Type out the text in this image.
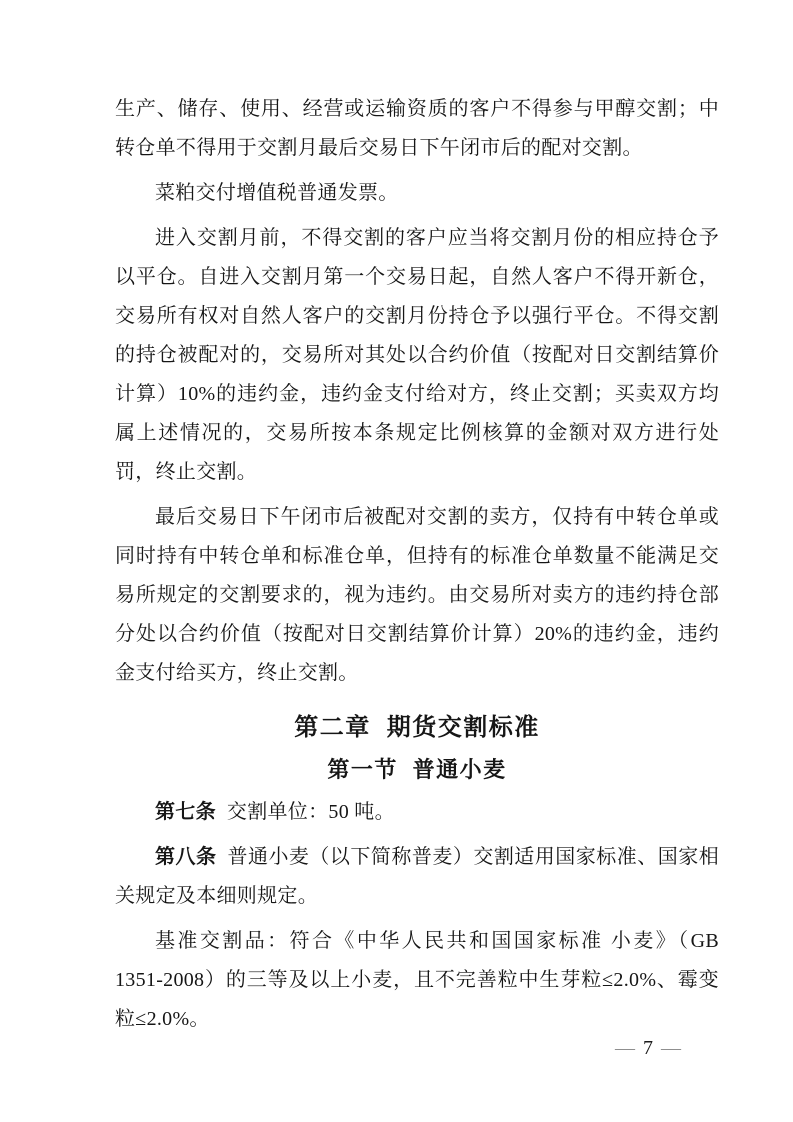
生产、储存、使用、经营或运输资质的客户不得参与甲醇交割；中转仓单不得用于交割月最后交易日下午闭市后的配对交割。

菜粕交付增值税普通发票。

进入交割月前，不得交割的客户应当将交割月份的相应持仓予以平仓。自进入交割月第一个交易日起，自然人客户不得开新仓，交易所有权对自然人客户的交割月份持仓予以强行平仓。不得交割的持仓被配对的，交易所对其处以合约价值（按配对日交割结算价计算）10%的违约金，违约金支付给对方，终止交割；买卖双方均属上述情况的，交易所按本条规定比例核算的金额对双方进行处罚，终止交割。

最后交易日下午闭市后被配对交割的卖方，仅持有中转仓单或同时持有中转仓单和标准仓单，但持有的标准仓单数量不能满足交易所规定的交割要求的，视为违约。由交易所对卖方的违约持仓部分处以合约价值（按配对日交割结算价计算）20%的违约金，违约金支付给买方，终止交割。

第二章 期货交割标准
第一节 普通小麦

第七条 交割单位：50 吨。

第八条 普通小麦（以下简称普麦）交割适用国家标准、国家相关规定及本细则规定。

基准交割品：符合《中华人民共和国国家标准 小麦》（GB 1351-2008）的三等及以上小麦，且不完善粒中生芽粒≤2.0%、霉变粒≤2.0%。

— 7 —
